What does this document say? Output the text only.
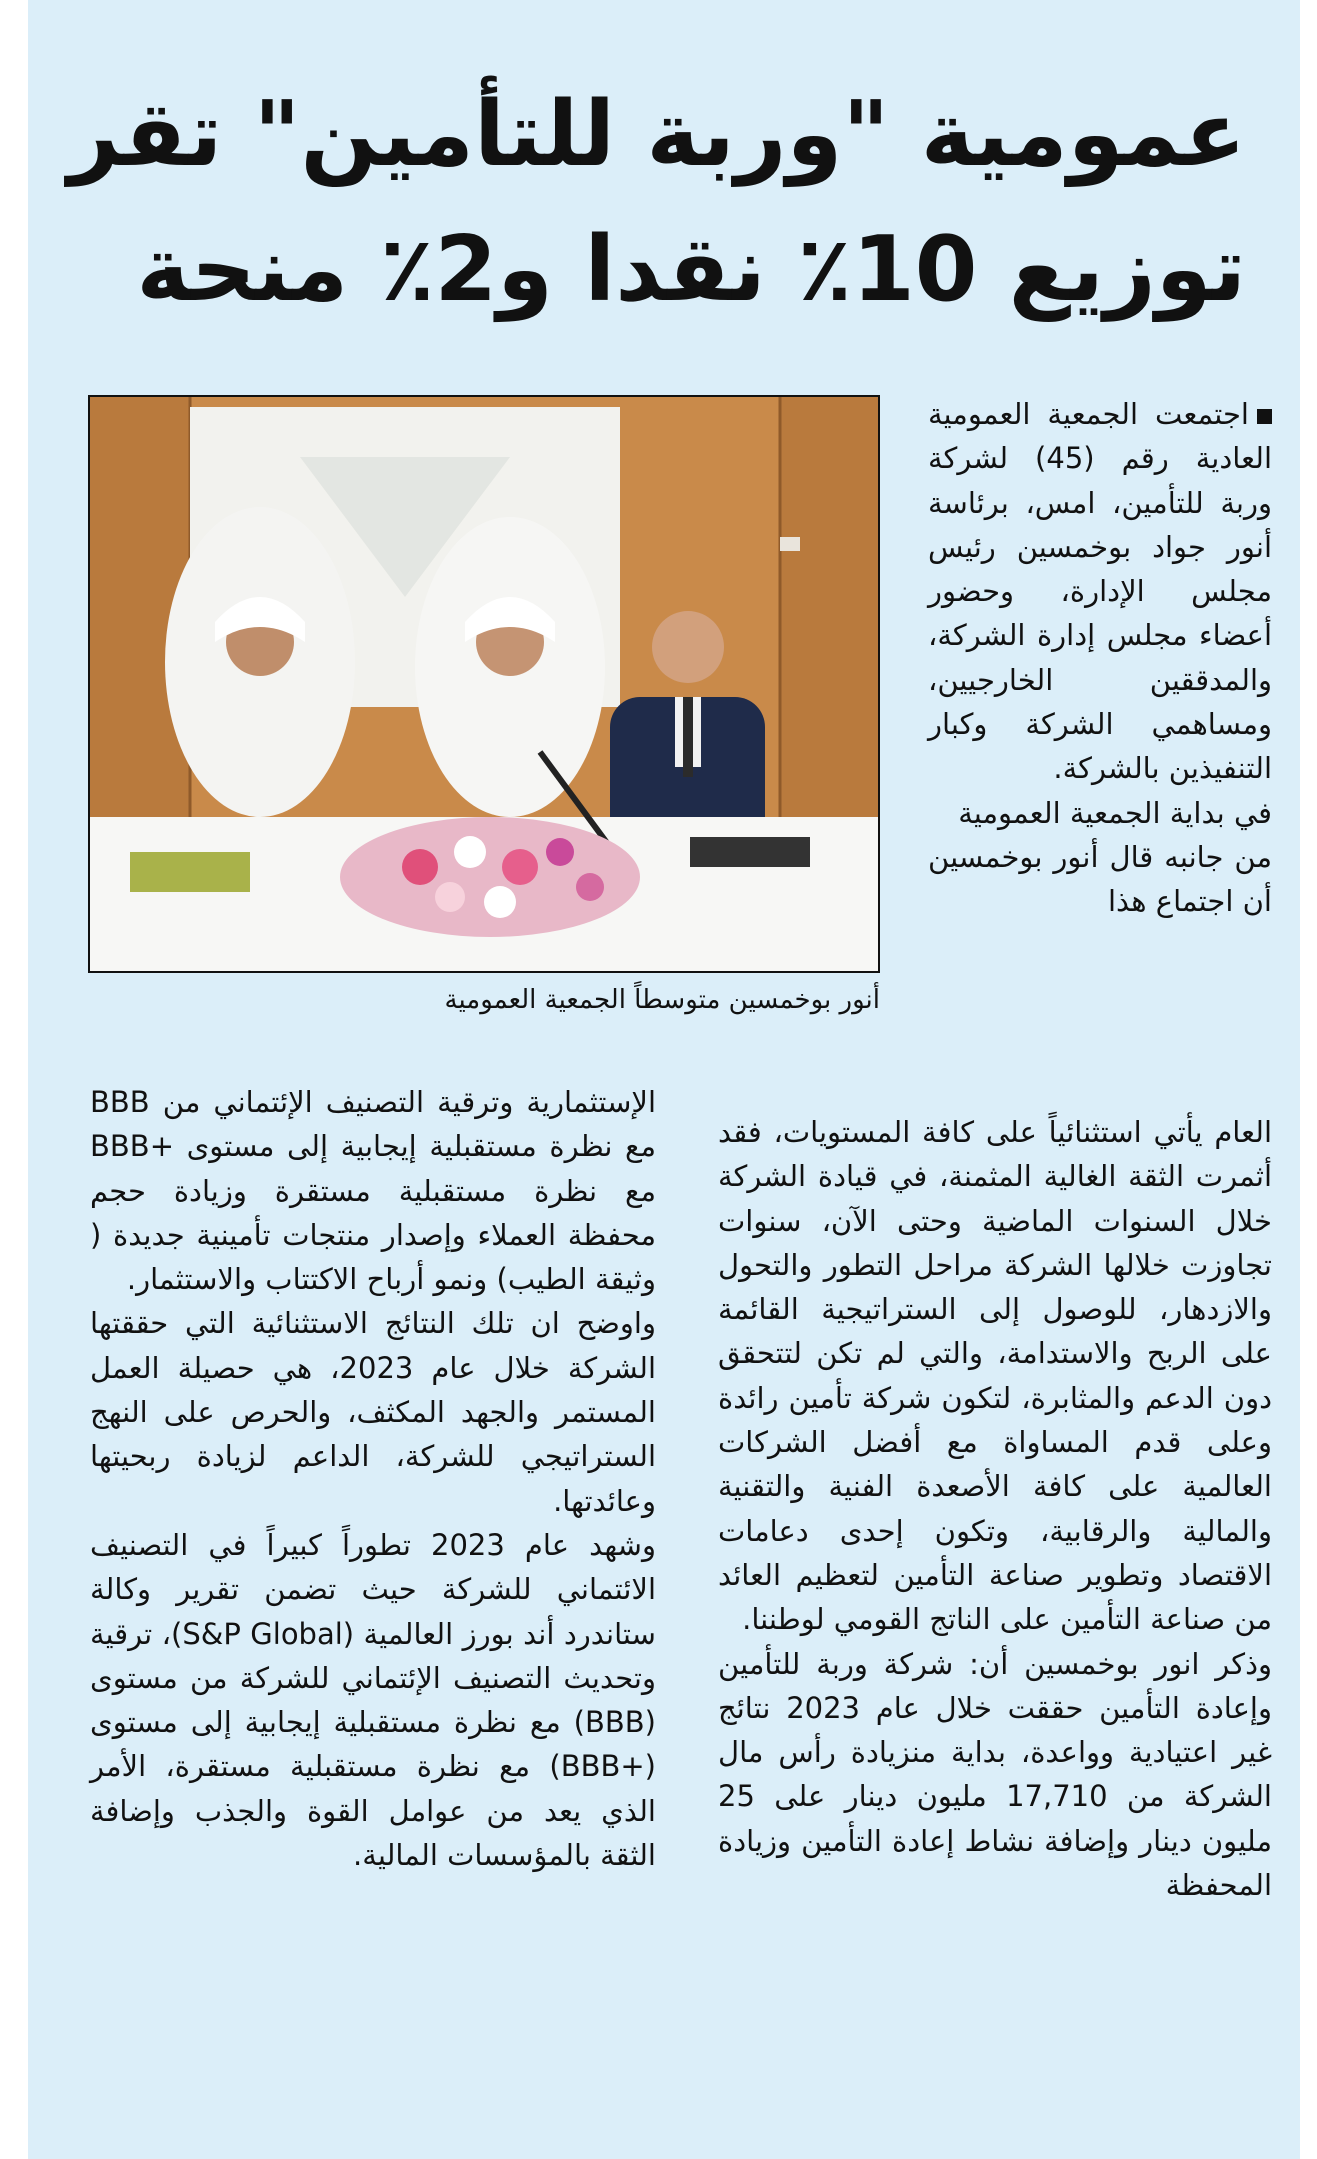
عمومية "وربة للتأمين" تقر
توزيع 10٪ نقدا و2٪ منحة
أنور بوخمسين متوسطاً الجمعية العمومية

اجتمعت الجمعية العمومية العادية رقم (45) لشركة وربة للتأمين، امس، برئاسة أنور جواد بوخمسين رئيس مجلس الإدارة، وحضور أعضاء مجلس إدارة الشركة، والمدققين الخارجيين، ومساهمي الشركة وكبار التنفيذين بالشركة.

في بداية الجمعية العمومية

من جانبه قال أنور بوخمسين أن اجتماع هذا

العام يأتي استثنائياً على كافة المستويات، فقد أثمرت الثقة الغالية المثمنة، في قيادة الشركة خلال السنوات الماضية وحتى الآن، سنوات تجاوزت خلالها الشركة مراحل التطور والتحول والازدهار، للوصول إلى الستراتيجية القائمة على الربح والاستدامة، والتي لم تكن لتتحقق دون الدعم والمثابرة، لتكون شركة تأمين رائدة وعلى قدم المساواة مع أفضل الشركات العالمية على كافة الأصعدة الفنية والتقنية والمالية والرقابية، وتكون إحدى دعامات الاقتصاد وتطوير صناعة التأمين لتعظيم العائد من صناعة التأمين على الناتج القومي لوطننا.

وذكر انور بوخمسين أن: شركة وربة للتأمين وإعادة التأمين حققت خلال عام 2023 نتائج غير اعتيادية وواعدة، بداية منزيادة رأس مال الشركة من 17,710 مليون دينار على 25 مليون دينار وإضافة نشاط إعادة التأمين وزيادة المحفظة

الإستثمارية وترقية التصنيف الإئتماني من BBB مع نظرة مستقبلية إيجابية إلى مستوى +BBB مع نظرة مستقبلية مستقرة وزيادة حجم محفظة العملاء وإصدار منتجات تأمينية جديدة ( وثيقة الطيب) ونمو أرباح الاكتتاب والاستثمار.

واوضح ان تلك النتائج الاستثنائية التي حققتها الشركة خلال عام 2023، هي حصيلة العمل المستمر والجهد المكثف، والحرص على النهج الستراتيجي للشركة، الداعم لزيادة ربحيتها وعائدتها.

وشهد عام 2023 تطوراً كبيراً في التصنيف الائتماني للشركة حيث تضمن تقرير وكالة ستاندرد أند بورز العالمية (S&P Global)، ترقية وتحديث التصنيف الإئتماني للشركة من مستوى (BBB) مع نظرة مستقبلية إيجابية إلى مستوى (+BBB) مع نظرة مستقبلية مستقرة، الأمر الذي يعد من عوامل القوة والجذب وإضافة الثقة بالمؤسسات المالية.
